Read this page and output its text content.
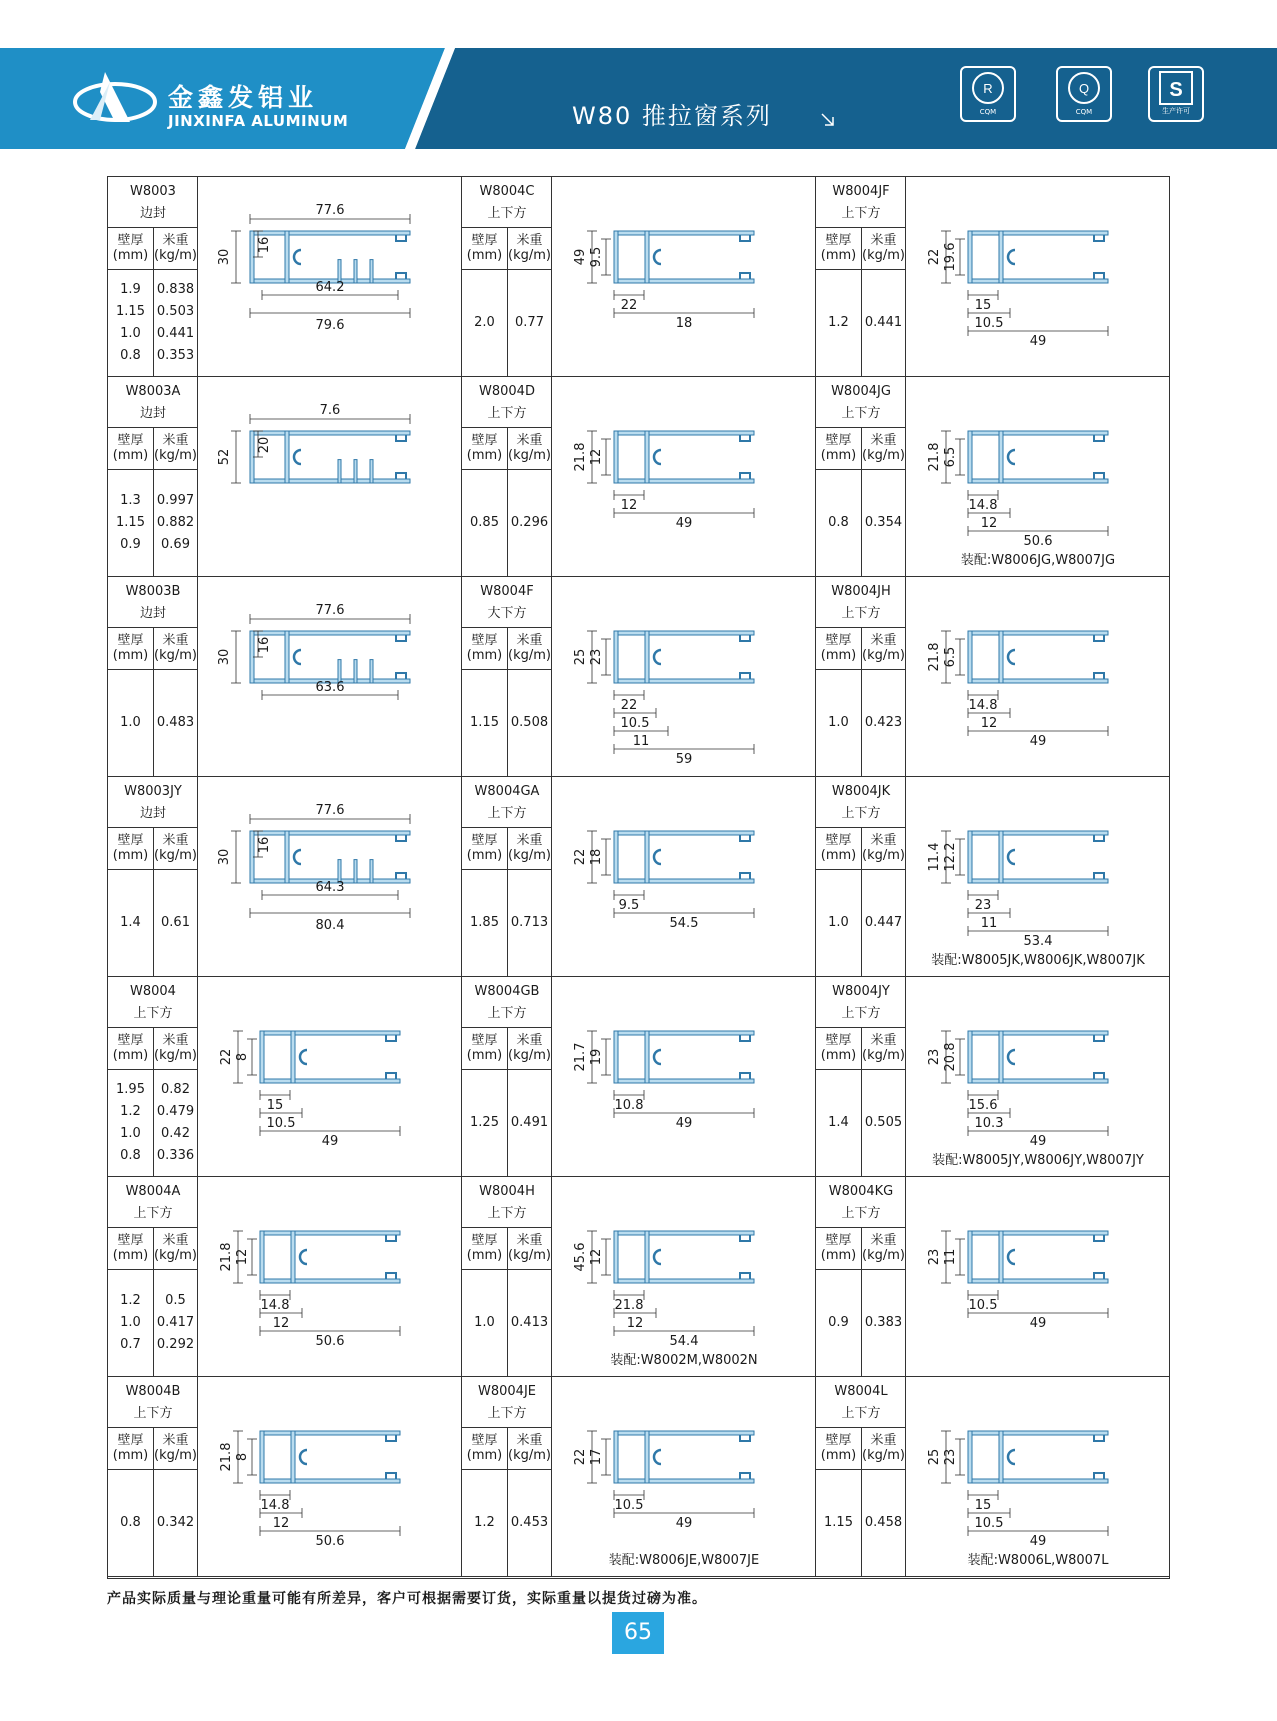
金鑫发铝业
JINXINFA ALUMINUM	W80 推拉窗系列
R
CQM
Q
CQM
S
生产许可
W8003
边封
壁厚
(mm)
米重
(kg/m)
1.9	0.838
1.15 0.503
1.0	0.441
0.8	0.353
77.6
30
16
64.2
79.6
W8004C
上下方
壁厚
(mm)
米重
(kg/m)
2.0	0.77
49 9.5
22
18
W8004JF
上下方
壁厚
(mm)
米重
(kg/m)
1.2	0.441
22 19.6
15
10.5
49
W8003A
边封
壁厚
(mm)
米重
(kg/m)
1.3	0.997
1.15 0.882
0.9	0.69
7.6
52
20
W8004D
上下方
壁厚
(mm)
米重
(kg/m)
0.85 0.296
21.8 12
12
49
W8004JG
上下方
壁厚
(mm)
米重
(kg/m)
0.8	0.354
21.8 6.5
14.8
12
50.6
装配:W8006JG,W8007JG
W8003B
边封
壁厚
(mm)
米重
(kg/m)
1.0	0.483
77.6
30
16
63.6
W8004F
大下方
壁厚
(mm)
米重
(kg/m)
1.15 0.508
25 23
22
10.5
11
59
W8004JH
上下方
壁厚
(mm)
米重
(kg/m)
1.0	0.423
21.8 6.5
14.8
12
49
W8003JY
边封
壁厚
(mm)
米重
(kg/m)
1.4	0.61
77.6
30
16
64.3
80.4
W8004GA
上下方
壁厚
(mm)
米重
(kg/m)
1.85 0.713
22 18
9.5
54.5
W8004JK
上下方
壁厚
(mm)
米重
(kg/m)
1.0	0.447
11.4 12.2
23
11
53.4
装配:W8005JK,W8006JK,W8007JK
W8004
上下方
壁厚
(mm)
米重
(kg/m)
1.95	0.82
1.2	0.479
1.0	0.42
0.8	0.336
22 8
15
10.5
49
W8004GB
上下方
壁厚
(mm)
米重
(kg/m)
1.25 0.491
21.7 19
10.8
49
W8004JY
上下方
壁厚
(mm)
米重
(kg/m)
1.4	0.505
23 20.8
15.6
10.3
49
装配:W8005JY,W8006JY,W8007JY
W8004A
上下方
壁厚
(mm)
米重
(kg/m)
1.2	0.5
1.0	0.417
0.7	0.292
21.8 12
14.8
12
50.6
W8004H
上下方
壁厚
(mm)
米重
(kg/m)
1.0	0.413
45.6 12
21.8
12
54.4
装配:W8002M,W8002N
W8004KG
上下方
壁厚
(mm)
米重
(kg/m)
0.9	0.383
23 11
10.5
49
W8004B
上下方
壁厚
(mm)
米重
(kg/m)
0.8	0.342
21.8 8
14.8
12
50.6
W8004JE
上下方
壁厚
(mm)
米重
(kg/m)
1.2	0.453
22 17
10.5
49
装配:W8006JE,W8007JE
W8004L
上下方
壁厚
(mm)
米重
(kg/m)
1.15 0.458
25 23
15
10.5
49
装配:W8006L,W8007L
产品实际质量与理论重量可能有所差异，客户可根据需要订货，实际重量以提货过磅为准。
65
